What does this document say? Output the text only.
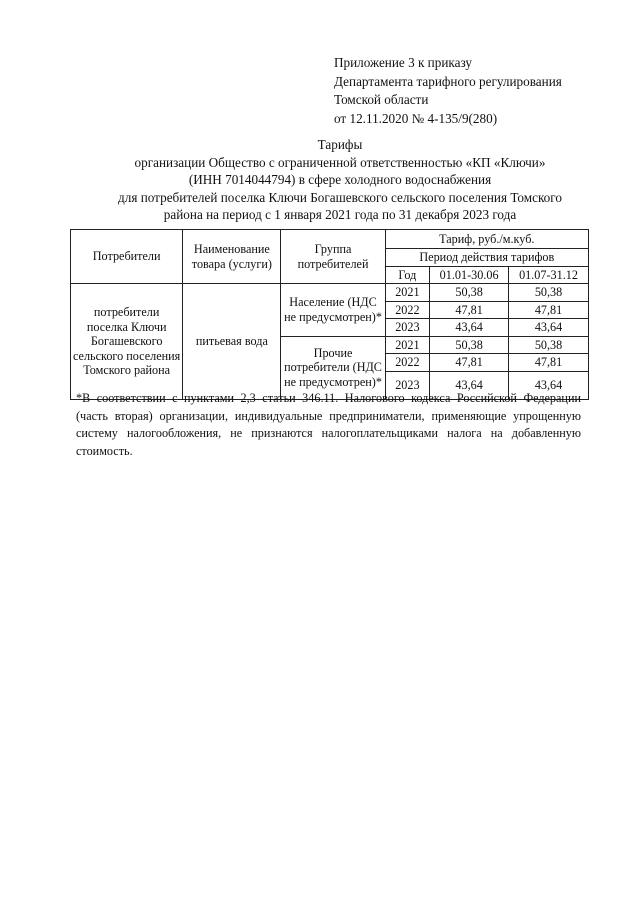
Приложение 3 к приказу
Департамента тарифного регулирования
Томской области
от 12.11.2020 № 4-135/9(280)
Тарифы
организации Общество с ограниченной ответственностью «КП «Ключи»
(ИНН 7014044794) в сфере холодного водоснабжения
для потребителей поселка Ключи Богашевского сельского поселения Томского
района на период с 1 января 2021 года по 31 декабря 2023 года
Потребители	Наименование товара (услуги)	Группа потребителей	Тариф, руб./м.куб.		
			Период действия тарифов		
			Год	01.01-30.06	01.07-31.12
потребители поселка Ключи Богашевского сельского поселения Томского района	питьевая вода	Население (НДС не предусмотрен)*	2021	50,38	50,38
			2022	47,81	47,81
			2023	43,64	43,64
		Прочие потребители (НДС не предусмотрен)*	2021	50,38	50,38
			2022	47,81	47,81
			2023	43,64	43,64
*В соответствии с пунктами 2,3 статьи 346.11. Налогового кодекса Российской Федерации (часть вторая) организации, индивидуальные предприниматели, применяющие упрощенную систему налогообложения, не признаются налогоплательщиками налога на добавленную стоимость.
